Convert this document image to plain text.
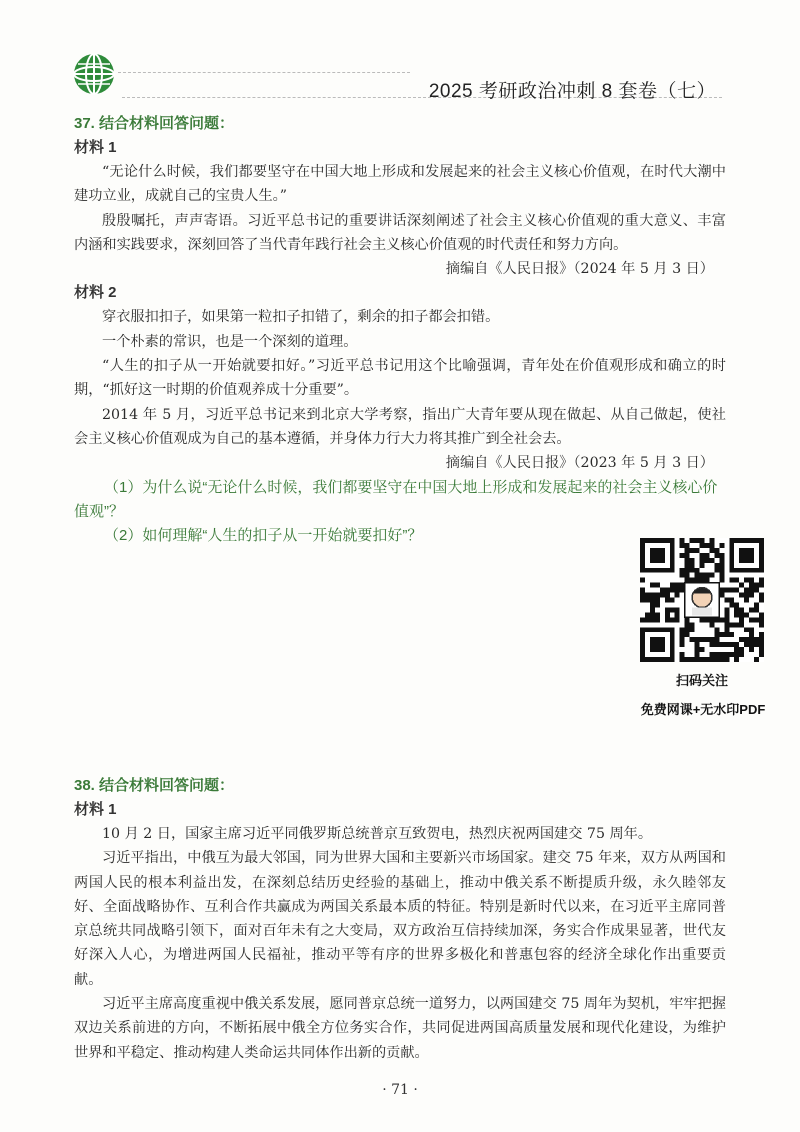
2025 考研政治冲刺 8 套卷（七）
37. 结合材料回答问题：
材料 1

“无论什么时候，我们都要坚守在中国大地上形成和发展起来的社会主义核心价值观，在时代大潮中建功立业，成就自己的宝贵人生。”

殷殷嘱托，声声寄语。习近平总书记的重要讲话深刻阐述了社会主义核心价值观的重大意义、丰富内涵和实践要求，深刻回答了当代青年践行社会主义核心价值观的时代责任和努力方向。

摘编自《人民日报》（2024 年 5 月 3 日）
材料 2

穿衣服扣扣子，如果第一粒扣子扣错了，剩余的扣子都会扣错。

一个朴素的常识，也是一个深刻的道理。

“人生的扣子从一开始就要扣好。”习近平总书记用这个比喻强调，青年处在价值观形成和确立的时期，“抓好这一时期的价值观养成十分重要”。

2014 年 5 月，习近平总书记来到北京大学考察，指出广大青年要从现在做起、从自己做起，使社会主义核心价值观成为自己的基本遵循，并身体力行大力将其推广到全社会去。

摘编自《人民日报》（2023 年 5 月 3 日）

（1）为什么说“无论什么时候，我们都要坚守在中国大地上形成和发展起来的社会主义核心价值观”？

（2）如何理解“人生的扣子从一开始就要扣好”？

扫码关注
免费网课+无水印PDF
38. 结合材料回答问题：
材料 1

10 月 2 日，国家主席习近平同俄罗斯总统普京互致贺电，热烈庆祝两国建交 75 周年。

习近平指出，中俄互为最大邻国，同为世界大国和主要新兴市场国家。建交 75 年来，双方从两国和两国人民的根本利益出发，在深刻总结历史经验的基础上，推动中俄关系不断提质升级，永久睦邻友好、全面战略协作、互利合作共赢成为两国关系最本质的特征。特别是新时代以来，在习近平主席同普京总统共同战略引领下，面对百年未有之大变局，双方政治互信持续加深，务实合作成果显著，世代友好深入人心，为增进两国人民福祉，推动平等有序的世界多极化和普惠包容的经济全球化作出重要贡献。

习近平主席高度重视中俄关系发展，愿同普京总统一道努力，以两国建交 75 周年为契机，牢牢把握双边关系前进的方向，不断拓展中俄全方位务实合作，共同促进两国高质量发展和现代化建设，为维护世界和平稳定、推动构建人类命运共同体作出新的贡献。

· 71 ·
